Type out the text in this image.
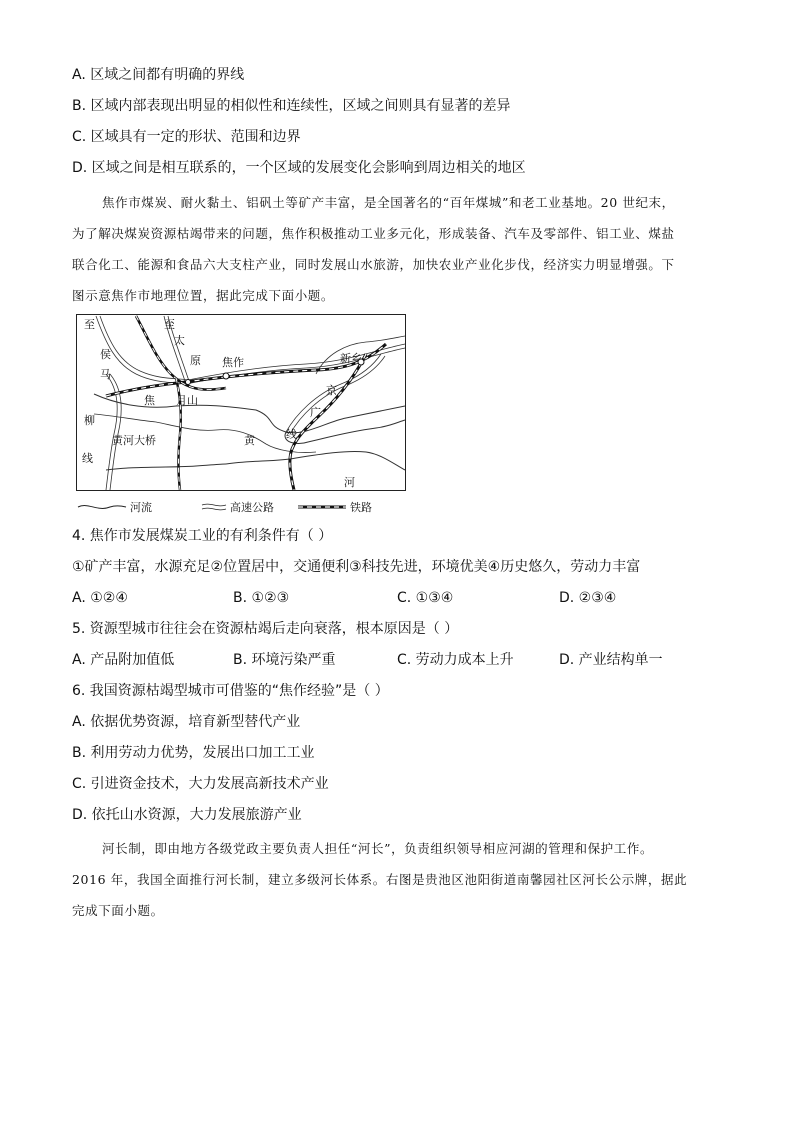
A. 区域之间都有明确的界线
B. 区域内部表现出明显的相似性和连续性，区域之间则具有显著的差异
C. 区域具有一定的形状、范围和边界
D. 区域之间是相互联系的，一个区域的发展变化会影响到周边相关的地区
焦作市煤炭、耐火黏土、铝矾土等矿产丰富，是全国著名的“百年煤城”和老工业基地。20 世纪末，
为了解决煤炭资源枯竭带来的问题，焦作积极推动工业多元化，形成装备、汽车及零部件、铝工业、煤盐
联合化工、能源和食品六大支柱产业，同时发展山水旅游，加快农业产业化步伐，经济实力明显增强。下
图示意焦作市地理位置，据此完成下面小题。
至
侯
马
柳
线
至
太
原 焦作
焦 月山
新乡
京
广
线
黄河大桥	黄
河
河流	高速公路	铁路
4. 焦作市发展煤炭工业的有利条件有（ ）
①矿产丰富，水源充足②位置居中，交通便利③科技先进，环境优美④历史悠久，劳动力丰富
A. ①②④	B. ①②③	C. ①③④	D. ②③④
5. 资源型城市往往会在资源枯竭后走向衰落，根本原因是（ ）
A. 产品附加值低	B. 环境污染严重	C. 劳动力成本上升	D. 产业结构单一
6. 我国资源枯竭型城市可借鉴的“焦作经验”是（ ）
A. 依据优势资源，培育新型替代产业
B. 利用劳动力优势，发展出口加工工业
C. 引进资金技术，大力发展高新技术产业
D. 依托山水资源，大力发展旅游产业
河长制，即由地方各级党政主要负责人担任“河长”，负责组织领导相应河湖的管理和保护工作。
2016 年，我国全面推行河长制，建立多级河长体系。右图是贵池区池阳街道南馨园社区河长公示牌，据此
完成下面小题。
